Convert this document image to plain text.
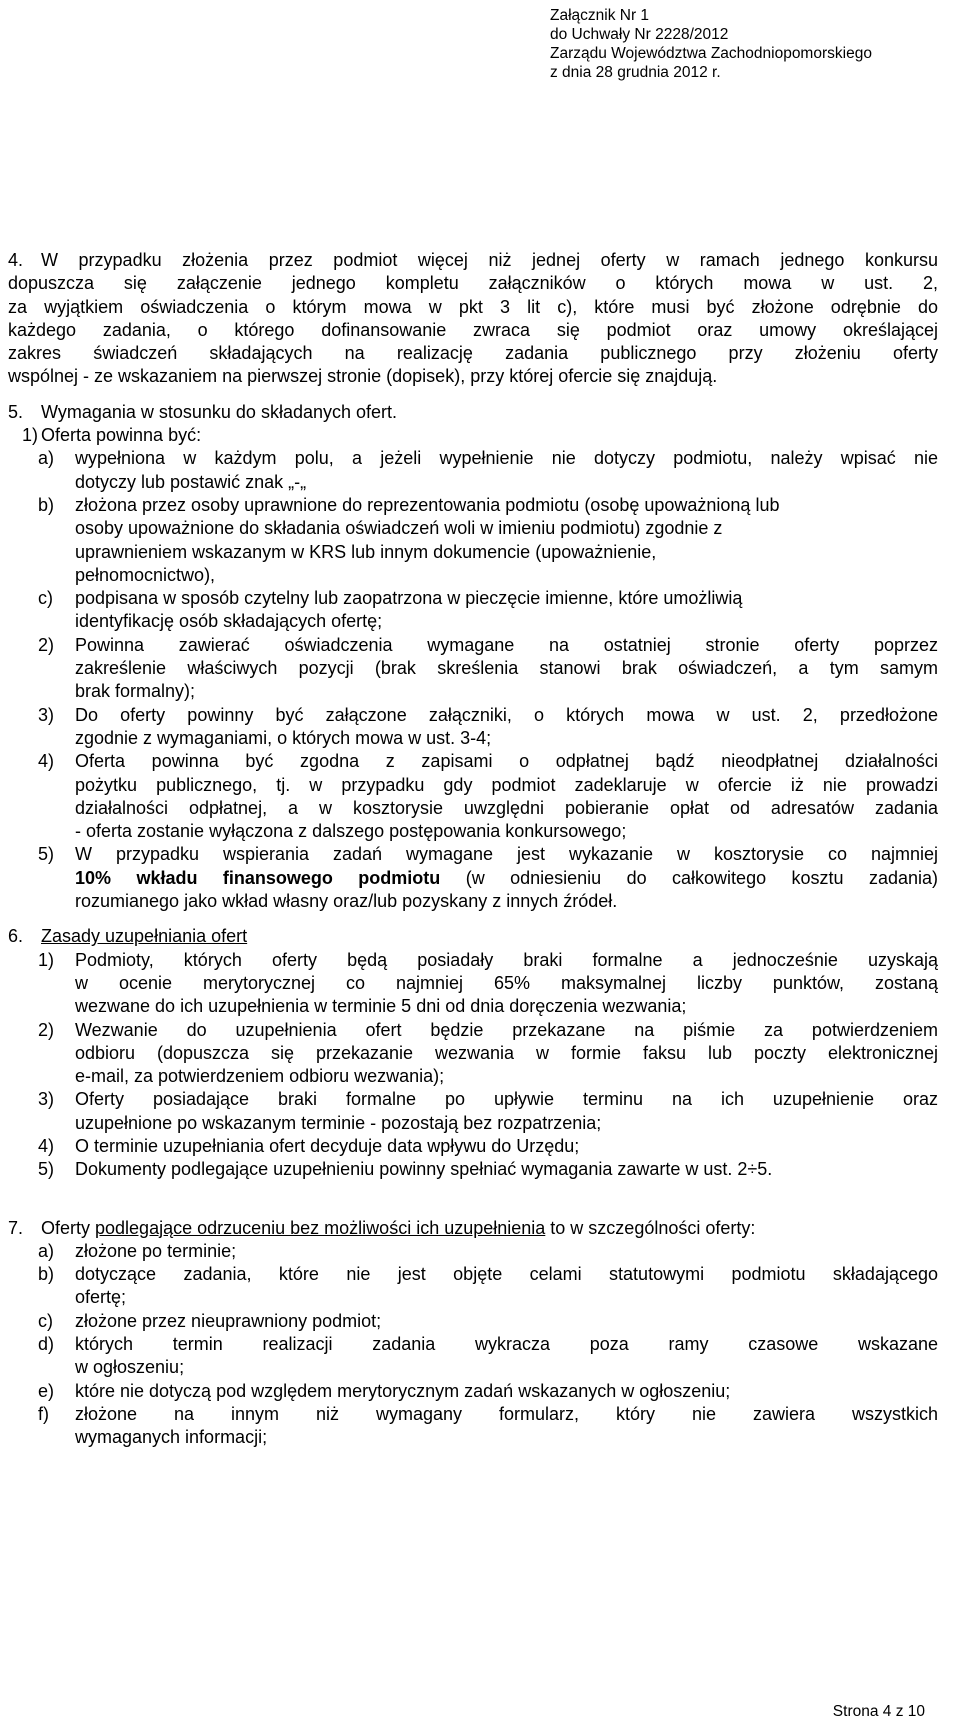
Załącznik Nr 1
do Uchwały Nr 2228/2012
Zarządu Województwa Zachodniopomorskiego
z dnia 28 grudnia 2012 r.
4. W przypadku złożenia przez podmiot więcej niż jednej oferty w ramach jednego konkursu
dopuszcza się załączenie jednego kompletu załączników o których mowa w ust. 2,
za wyjątkiem oświadczenia o którym mowa w pkt 3 lit c), które musi być złożone odrębnie do
każdego zadania, o którego dofinansowanie zwraca się podmiot oraz umowy określającej
zakres świadczeń składających na realizację zadania publicznego przy złożeniu oferty
wspólnej - ze wskazaniem na pierwszej stronie (dopisek), przy której ofercie się znajdują.
5. Wymagania w stosunku do składanych ofert.
1) Oferta powinna być:
a) wypełniona w każdym polu, a jeżeli wypełnienie nie dotyczy podmiotu, należy wpisać nie
dotyczy lub postawić znak „-„
b) złożona przez osoby uprawnione do reprezentowania podmiotu (osobę upoważnioną lub
osoby upoważnione do składania oświadczeń woli w imieniu podmiotu) zgodnie z
uprawnieniem wskazanym w KRS lub innym dokumencie (upoważnienie,
pełnomocnictwo),
c) podpisana w sposób czytelny lub zaopatrzona w pieczęcie imienne, które umożliwią
identyfikację osób składających ofertę;
2) Powinna zawierać oświadczenia wymagane na ostatniej stronie oferty poprzez
zakreślenie właściwych pozycji (brak skreślenia stanowi brak oświadczeń, a tym samym
brak formalny);
3) Do oferty powinny być załączone załączniki, o których mowa w ust. 2, przedłożone
zgodnie z wymaganiami, o których mowa w ust. 3-4;
4) Oferta powinna być zgodna z zapisami o odpłatnej bądź nieodpłatnej działalności
pożytku publicznego, tj. w przypadku gdy podmiot zadeklaruje w ofercie iż nie prowadzi
działalności odpłatnej, a w kosztorysie uwzględni pobieranie opłat od adresatów zadania
- oferta zostanie wyłączona z dalszego postępowania konkursowego;
5) W przypadku wspierania zadań wymagane jest wykazanie w kosztorysie co najmniej
10% wkładu finansowego podmiotu (w odniesieniu do całkowitego kosztu zadania)
rozumianego jako wkład własny oraz/lub pozyskany z innych źródeł.
6. Zasady uzupełniania ofert
1) Podmioty, których oferty będą posiadały braki formalne a jednocześnie uzyskają
w ocenie merytorycznej co najmniej 65% maksymalnej liczby punktów, zostaną
wezwane do ich uzupełnienia w terminie 5 dni od dnia doręczenia wezwania;
2) Wezwanie do uzupełnienia ofert będzie przekazane na piśmie za potwierdzeniem
odbioru (dopuszcza się przekazanie wezwania w formie faksu lub poczty elektronicznej
e-mail, za potwierdzeniem odbioru wezwania);
3) Oferty posiadające braki formalne po upływie terminu na ich uzupełnienie oraz
uzupełnione po wskazanym terminie - pozostają bez rozpatrzenia;
4) O terminie uzupełniania ofert decyduje data wpływu do Urzędu;
5) Dokumenty podlegające uzupełnieniu powinny spełniać wymagania zawarte w ust. 2÷5.
7. Oferty podlegające odrzuceniu bez możliwości ich uzupełnienia to w szczególności oferty:
a) złożone po terminie;
b) dotyczące zadania, które nie jest objęte celami statutowymi podmiotu składającego
ofertę;
c) złożone przez nieuprawniony podmiot;
d) których termin realizacji zadania wykracza poza ramy czasowe wskazane
w ogłoszeniu;
e) które nie dotyczą pod względem merytorycznym zadań wskazanych w ogłoszeniu;
f) złożone na innym niż wymagany formularz, który nie zawiera wszystkich
wymaganych informacji;
Strona 4 z 10
